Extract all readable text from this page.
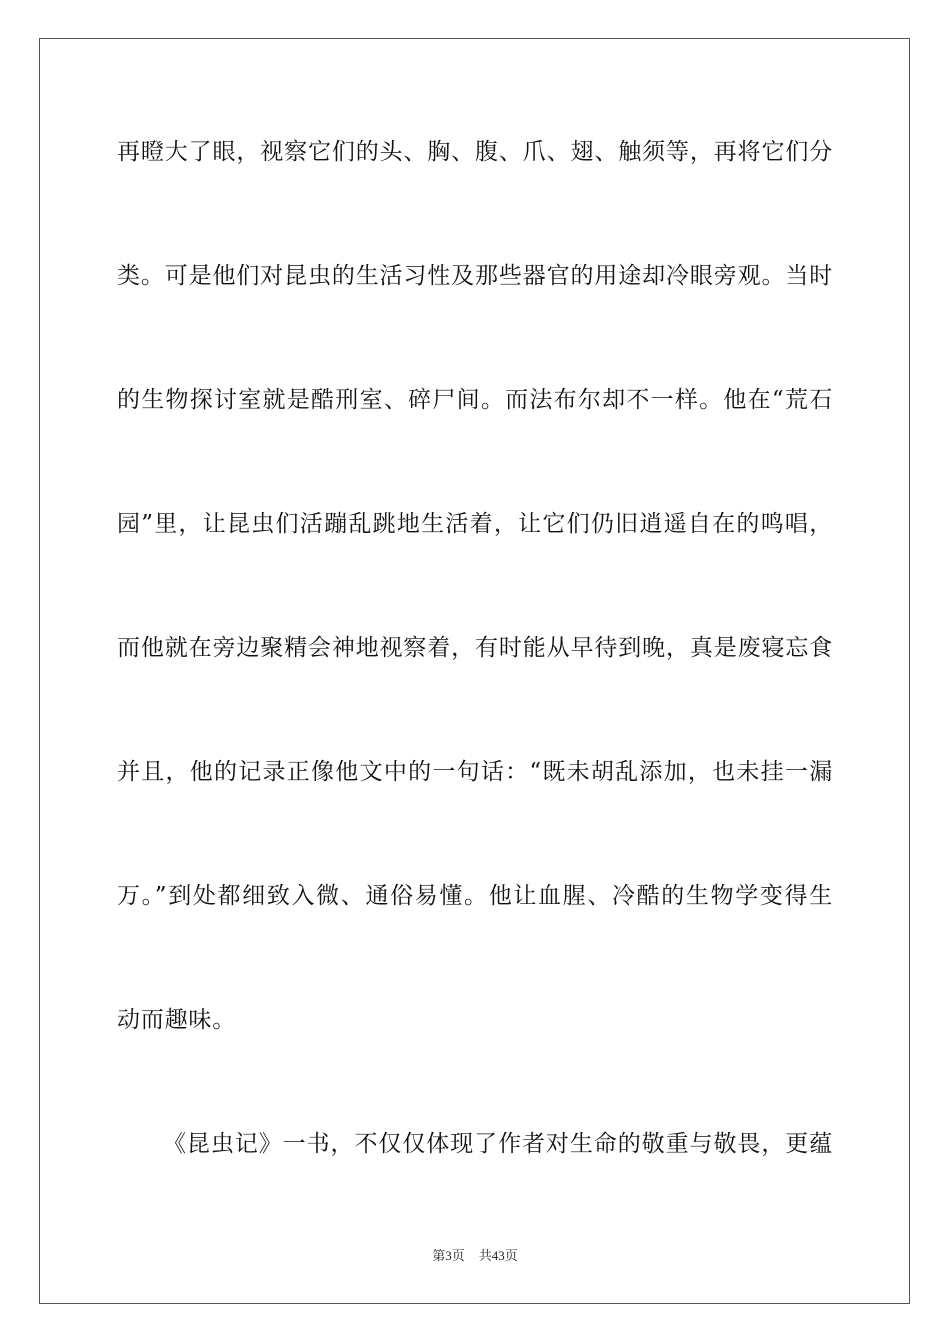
再瞪大了眼，视察它们的头、胸、腹、爪、翅、触须等，再将它们分
类。可是他们对昆虫的生活习性及那些器官的用途却冷眼旁观。当时
的生物探讨室就是酷刑室、碎尸间。而法布尔却不一样。他在“荒石
园”里，让昆虫们活蹦乱跳地生活着，让它们仍旧逍遥自在的鸣唱，
而他就在旁边聚精会神地视察着，有时能从早待到晚，真是废寝忘食
并且，他的记录正像他文中的一句话：“既未胡乱添加，也未挂一漏
万。”到处都细致入微、通俗易懂。他让血腥、冷酷的生物学变得生
动而趣味。
《昆虫记》一书，不仅仅体现了作者对生命的敬重与敬畏，更蕴
第3页 共43页
